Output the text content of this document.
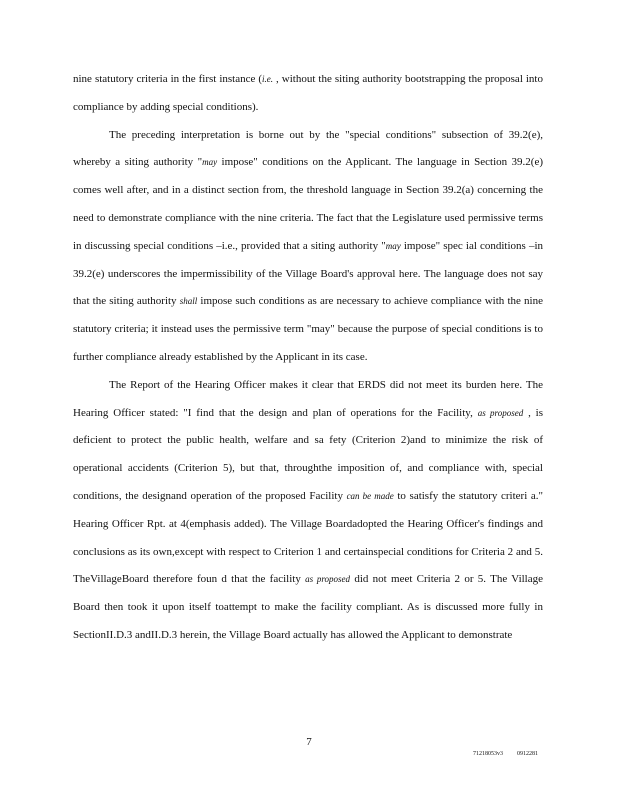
nine statutory criteria in the first instance (i.e. , without the siting authority bootstrapping the proposal into compliance by adding special conditions).

The preceding interpretation is borne out by the "special conditions" subsection of 39.2(e), whereby a siting authority "may impose" conditions on the Applicant. The language in Section 39.2(e) comes well after, and in a distinct section from, the threshold language in Section 39.2(a) concerning the need to demonstrate compliance with the nine criteria. The fact that the Legislature used permissive terms in discussing special conditions –i.e., provided that a siting authority "may impose" spec ial conditions –in 39.2(e) underscores the impermissibility of the Village Board's approval here. The language does not say that the siting authority shall impose such conditions as are necessary to achieve compliance with the nine statutory criteria; it instead uses the permissive term "may" because the purpose of special conditions is to further compliance already established by the Applicant in its case.

The Report of the Hearing Officer makes it clear that ERDS did not meet its burden here. The Hearing Officer stated: "I find that the design and plan of operations for the Facility, as proposed , is deficient to protect the public health, welfare and sa fety (Criterion 2)and to minimize the risk of operational accidents (Criterion 5), but that, throughthe imposition of, and compliance with, special conditions, the designand operation of the proposed Facility can be made to satisfy the statutory criteri a." Hearing Officer Rpt. at 4(emphasis added). The Village Boardadopted the Hearing Officer's findings and conclusions as its own,except with respect to Criterion 1 and certainspecial conditions for Criteria 2 and 5. TheVillageBoard therefore foun d that the facility as proposed did not meet Criteria 2 or 5. The Village Board then took it upon itself toattempt to make the facility compliant. As is discussed more fully in SectionII.D.3 andII.D.3 herein, the Village Board actually has allowed the Applicant to demonstrate

7
71218053v3 0912281
